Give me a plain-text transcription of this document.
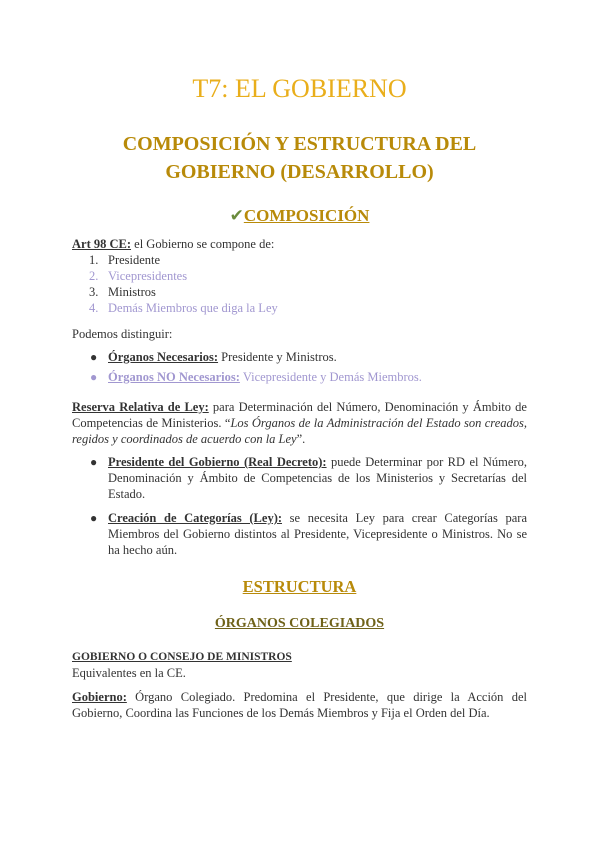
T7: EL GOBIERNO
COMPOSICIÓN Y ESTRUCTURA DEL
GOBIERNO (DESARROLLO)
✔COMPOSICIÓN
Art 98 CE: el Gobierno se compone de:
1. Presidente
2. Vicepresidentes
3. Ministros
4. Demás Miembros que diga la Ley
Podemos distinguir:
● Órganos Necesarios: Presidente y Ministros.
● Órganos NO Necesarios: Vicepresidente y Demás Miembros.
Reserva Relativa de Ley: para Determinación del Número, Denominación y Ámbito de Competencias de Ministerios. “Los Órganos de la Administración del Estado son creados, regidos y coordinados de acuerdo con la Ley”.
● Presidente del Gobierno (Real Decreto): puede Determinar por RD el Número, Denominación y Ámbito de Competencias de los Ministerios y Secretarías del Estado.
● Creación de Categorías (Ley): se necesita Ley para crear Categorías para Miembros del Gobierno distintos al Presidente, Vicepresidente o Ministros. No se ha hecho aún.
ESTRUCTURA
ÓRGANOS COLEGIADOS
GOBIERNO O CONSEJO DE MINISTROS
Equivalentes en la CE.
Gobierno: Órgano Colegiado. Predomina el Presidente, que dirige la Acción del Gobierno, Coordina las Funciones de los Demás Miembros y Fija el Orden del Día.
